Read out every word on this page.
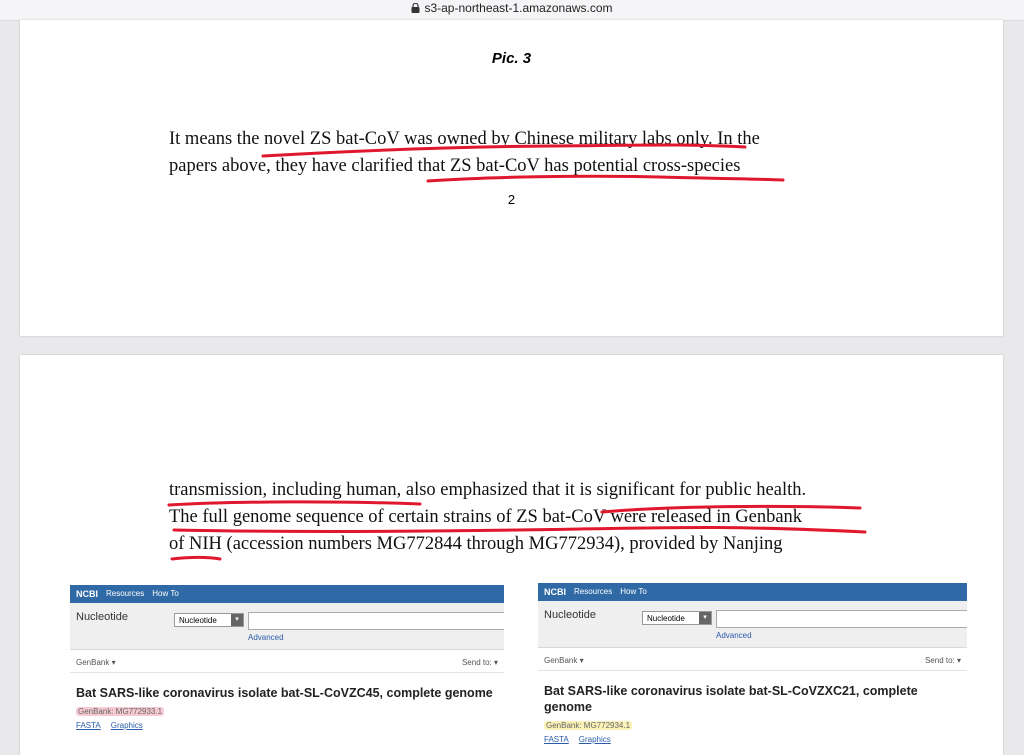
s3-ap-northeast-1.amazonaws.com
Pic. 3
It means the novel ZS bat-CoV was owned by Chinese military labs only. In the
papers above, they have clarified that ZS bat-CoV has potential cross-species
2
transmission, including human, also emphasized that it is significant for public health.
The full genome sequence of certain strains of ZS bat-CoV were released in Genbank
of NIH (accession numbers MG772844 through MG772934), provided by Nanjing
NCBI Resources How To
Nucleotide	Nucleotide	▾
Advanced
GenBank ▾	Send to: ▾
Bat SARS-like coronavirus isolate bat-SL-CoVZC45, complete genome
GenBank: MG772933.1
FASTA Graphics
NCBI Resources How To
Nucleotide	Nucleotide	▾
Advanced
GenBank ▾	Send to: ▾
Bat SARS-like coronavirus isolate bat-SL-CoVZXC21, complete genome
GenBank: MG772934.1
FASTA Graphics
